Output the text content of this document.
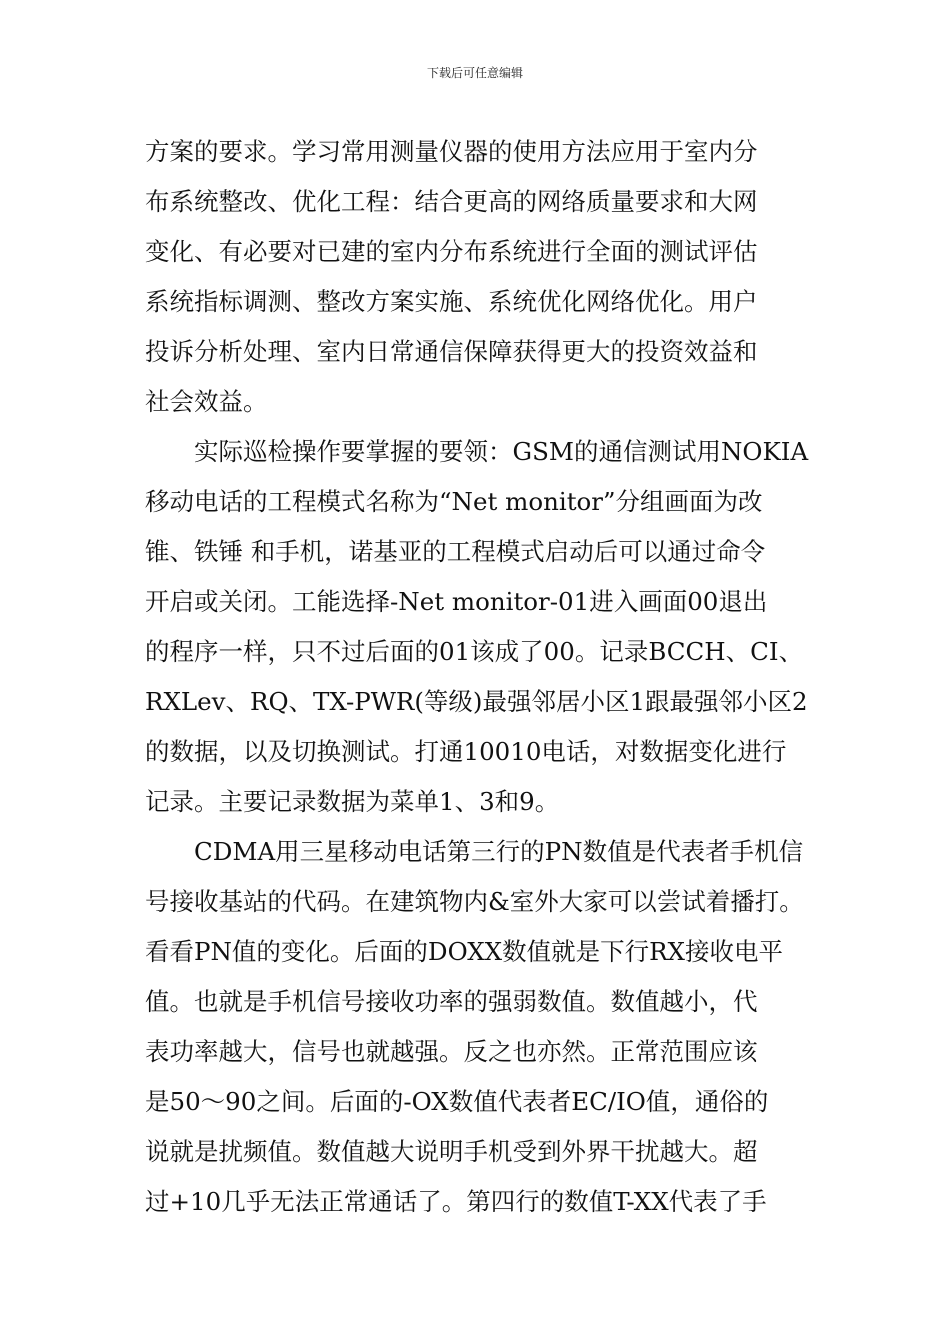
下载后可任意编辑
方案的要求。学习常用测量仪器的使用方法应用于室内分
布系统整改、优化工程：结合更高的网络质量要求和大网
变化、有必要对已建的室内分布系统进行全面的测试评估
系统指标调测、整改方案实施、系统优化网络优化。用户
投诉分析处理、室内日常通信保障获得更大的投资效益和
社会效益。
实际巡检操作要掌握的要领：GSM的通信测试用NOKIA
移动电话的工程模式名称为“Net monitor”分组画面为改
锥、铁锤 和手机，诺基亚的工程模式启动后可以通过命令
开启或关闭。工能选择-Net monitor-01进入画面00退出
的程序一样，只不过后面的01该成了00。记录BCCH、CI、
RXLev、RQ、TX-PWR(等级)最强邻居小区1跟最强邻小区2
的数据，以及切换测试。打通10010电话，对数据变化进行
记录。主要记录数据为菜单1、3和9。
CDMA用三星移动电话第三行的PN数值是代表者手机信
号接收基站的代码。在建筑物内&室外大家可以尝试着播打。
看看PN值的变化。后面的DOXX数值就是下行RX接收电平
值。也就是手机信号接收功率的强弱数值。数值越小，代
表功率越大，信号也就越强。反之也亦然。正常范围应该
是50～90之间。后面的-OX数值代表者EC/IO值，通俗的
说就是扰频值。数值越大说明手机受到外界干扰越大。超
过+10几乎无法正常通话了。第四行的数值T-XX代表了手
